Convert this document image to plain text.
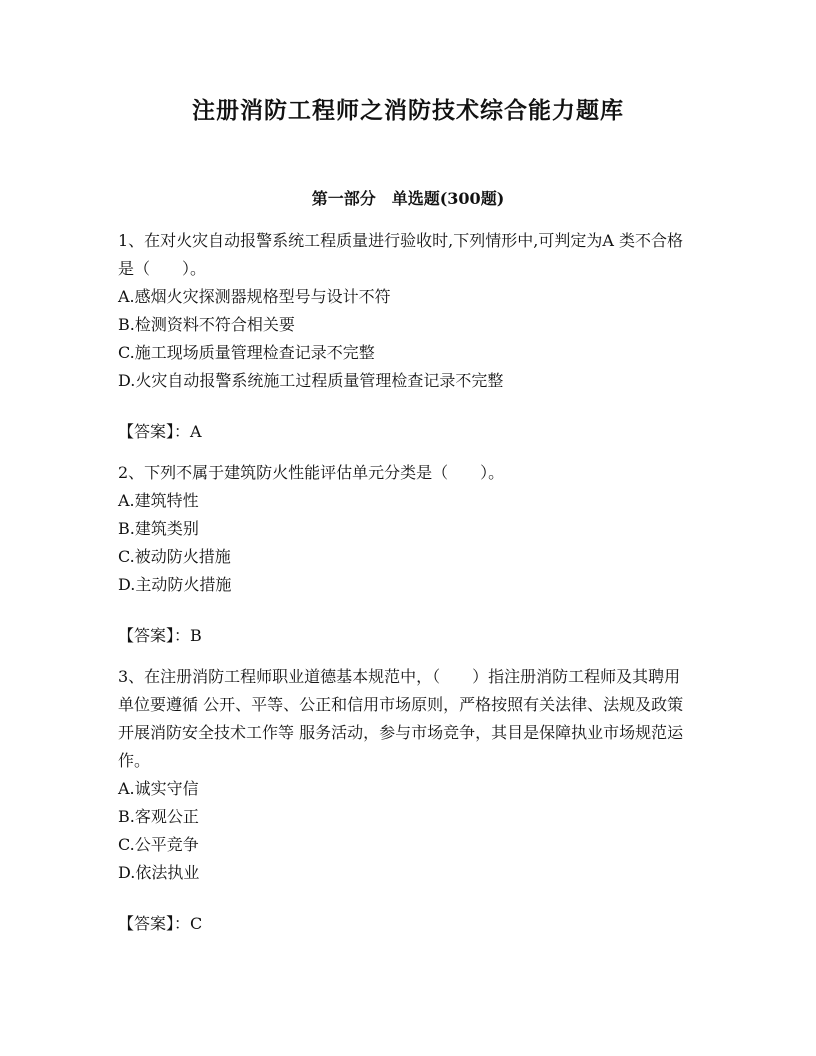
注册消防工程师之消防技术综合能力题库
第一部分　单选题(300题)

1、在对火灾自动报警系统工程质量进行验收时,下列情形中,可判定为A 类不合格是（　　）。

A.感烟火灾探测器规格型号与设计不符
B.检测资料不符合相关要
C.施工现场质量管理检查记录不完整
D.火灾自动报警系统施工过程质量管理检查记录不完整
【答案】：A

2、下列不属于建筑防火性能评估单元分类是（　　）。

A.建筑特性
B.建筑类别
C.被动防火措施
D.主动防火措施
【答案】：B

3、在注册消防工程师职业道德基本规范中，（　　）指注册消防工程师及其聘用单位要遵循 公开、平等、公正和信用市场原则，严格按照有关法律、法规及政策开展消防安全技术工作等 服务活动，参与市场竞争，其目是保障执业市场规范运作。

A.诚实守信
B.客观公正
C.公平竞争
D.依法执业
【答案】：C
